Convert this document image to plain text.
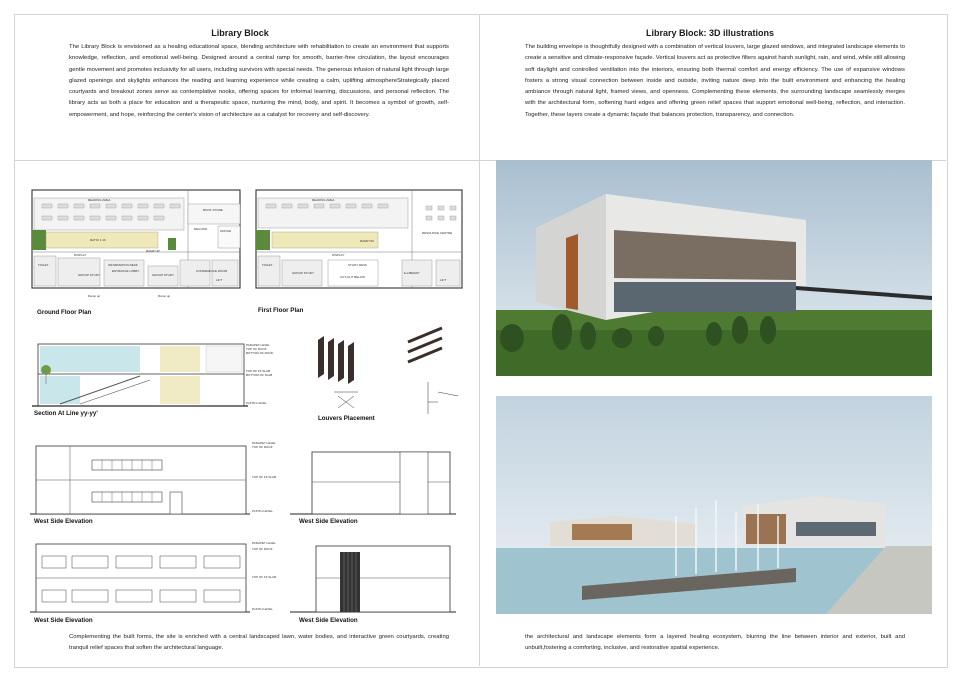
Library Block
The Library Block is envisioned as a healing educational space, blending architecture with rehabilitation to create an environment that supports knowledge, reflection, and emotional well-being. Designed around a central ramp for smooth, barrier-free circulation, the layout encourages gentle movement and promotes inclusivity for all users, including survivors with special needs. The generous infusion of natural light through large glazed openings and skylights enhances the reading and learning experience while creating a calm, uplifting atmosphereStrategically placed courtyards and breakout zones serve as contemplative nooks, offering spaces for informal learning, discussions, and personal reflection. The library acts as both a place for education and a therapeutic space, nurturing the mind, body, and spirit. It becomes a symbol of growth, self-empowerment, and hope, reinforcing the center's vision of architecture as a catalyst for recovery and self-discovery.
Library Block: 3D illustrations
The building envelope is thoughtfully designed with a combination of vertical louvers, large glazed windows, and integrated landscape elements to create a sensitive and climate-responsive façade. Vertical louvers act as protective filters against harsh sunlight, rain, and wind, while still allowing soft daylight and controlled ventilation into the interiors, ensuring both thermal comfort and energy efficiency. The use of expansive windows fosters a strong visual connection between inside and outside, inviting nature deep into the built environment and enhancing the healing ambiance through natural light, framed views, and openness. Complementing these elements, the surrounding landscape seamlessly merges with the architectural form, softening hard edges and offering green relief spaces that support emotional well-being, reflection, and interaction. Together, these layers create a dynamic façade that balances protection, transparency, and connection.
READING AREA
BOOK STORE
RATIO 1:16
RAMP UP
DISPLAY
INFORMATION DESK
ENTRANCE LOBBY
GROUP STUDY	GROUP STUDY
CONFERENCE ROOM
TOILET
RECORD	OFFICE
LIFT
Ramp up	Ramp up
Ground Floor Plan
READING AREA
RAMP DN
RESOURCE CENTRE
DISPLAY
STUDY DESK
CUT-OUT BELOW
GROUP STUDY	E-LIBRARY
TOILET
LIFT
First Floor Plan
Section At Line yy-yy'
PARAPET LEVEL
TOP OF ROOF
BOTTOM OF ROOF
TOP OF FF SLAB
BOTTOM OF SLAB
PLINTH LEVEL
Louvers Placement
West Side Elevation
PARAPET LEVEL
TOP OF ROOF
TOP OF FF SLAB
PLINTH LEVEL
West Side Elevation
West Side Elevation
PARAPET LEVEL
TOP OF ROOF
TOP OF FF SLAB
PLINTH LEVEL
West Side Elevation
Complementing the built forms, the site is enriched with a central landscaped lawn, water bodies, and interactive green courtyards, creating tranquil relief spaces that soften the architectural language.
the architectural and landscape elements form a layered healing ecosystem, blurring the line between interior and exterior, built and unbuilt,fostering a comforting, inclusive, and restorative spatial experience.
